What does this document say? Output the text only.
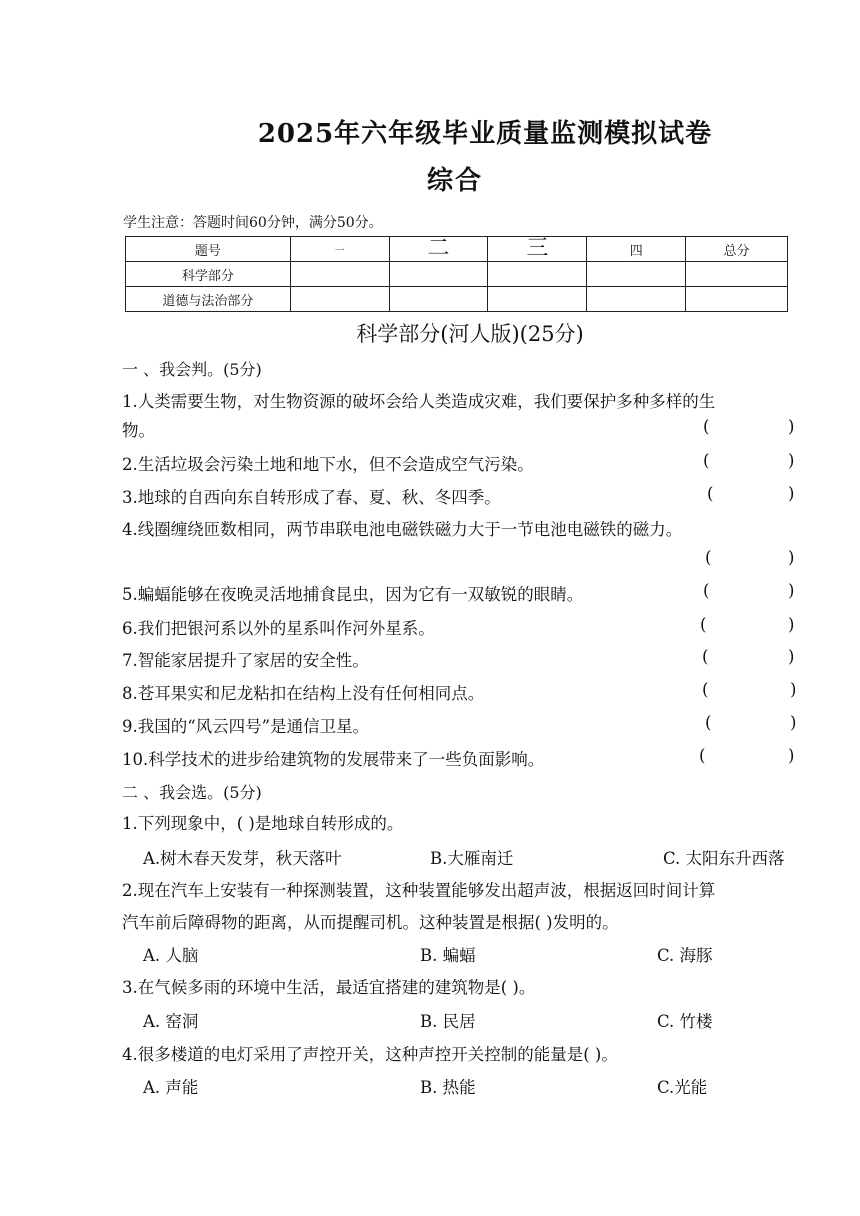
2025年六年级毕业质量监测模拟试卷
综合
学生注意：答题时间60分钟，满分50分。
题号	一	二	三	四	总分
科学部分					
道德与法治部分					
科学部分(河人版)(25分)
一 、我会判。(5分)
1.人类需要生物，对生物资源的破坏会给人类造成灾难，我们要保护多种多样的生
物。	(	)
2.生活垃圾会污染土地和地下水，但不会造成空气污染。	(	)
3.地球的自西向东自转形成了春、夏、秋、冬四季。	(	)
4.线圈缠绕匝数相同，两节串联电池电磁铁磁力大于一节电池电磁铁的磁力。
(	)
5.蝙蝠能够在夜晚灵活地捕食昆虫，因为它有一双敏锐的眼睛。	(	)
6.我们把银河系以外的星系叫作河外星系。	(	)
7.智能家居提升了家居的安全性。	(	)
8.苍耳果实和尼龙粘扣在结构上没有任何相同点。	(	)
9.我国的“风云四号”是通信卫星。	(	)
10.科学技术的进步给建筑物的发展带来了一些负面影响。	(	)
二 、我会选。(5分)
1.下列现象中，( )是地球自转形成的。
A.树木春天发芽，秋天落叶	B.大雁南迁	C. 太阳东升西落
2.现在汽车上安装有一种探测装置，这种装置能够发出超声波，根据返回时间计算
汽车前后障碍物的距离，从而提醒司机。这种装置是根据( )发明的。
A. 人脑	B. 蝙蝠	C. 海豚
3.在气候多雨的环境中生活，最适宜搭建的建筑物是( )。
A. 窑洞	B. 民居	C. 竹楼
4.很多楼道的电灯采用了声控开关，这种声控开关控制的能量是( )。
A. 声能	B. 热能	C.光能
